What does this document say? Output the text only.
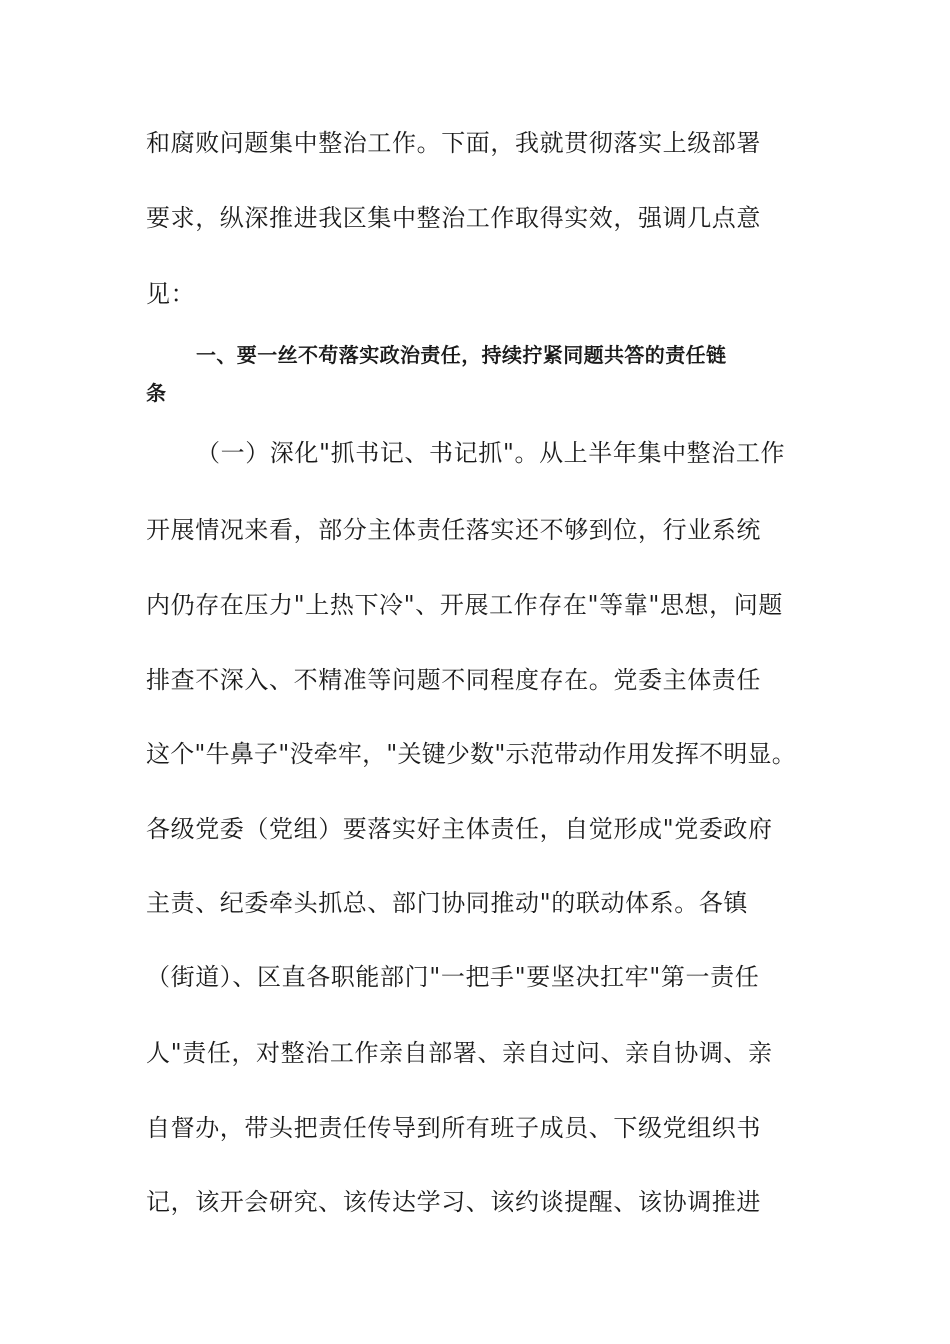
和腐败问题集中整治工作。下面，我就贯彻落实上级部署
要求，纵深推进我区集中整治工作取得实效，强调几点意
见：
一、要一丝不苟落实政治责任，持续拧紧同题共答的责任链
条
（一）深化"抓书记、书记抓"。从上半年集中整治工作
开展情况来看，部分主体责任落实还不够到位，行业系统
内仍存在压力"上热下冷"、开展工作存在"等靠"思想，问题
排查不深入、不精准等问题不同程度存在。党委主体责任
这个"牛鼻子"没牵牢，"关键少数"示范带动作用发挥不明显。
各级党委（党组）要落实好主体责任，自觉形成"党委政府
主责、纪委牵头抓总、部门协同推动"的联动体系。各镇
（街道）、区直各职能部门"一把手"要坚决扛牢"第一责任
人"责任，对整治工作亲自部署、亲自过问、亲自协调、亲
自督办，带头把责任传导到所有班子成员、下级党组织书
记，该开会研究、该传达学习、该约谈提醒、该协调推进
